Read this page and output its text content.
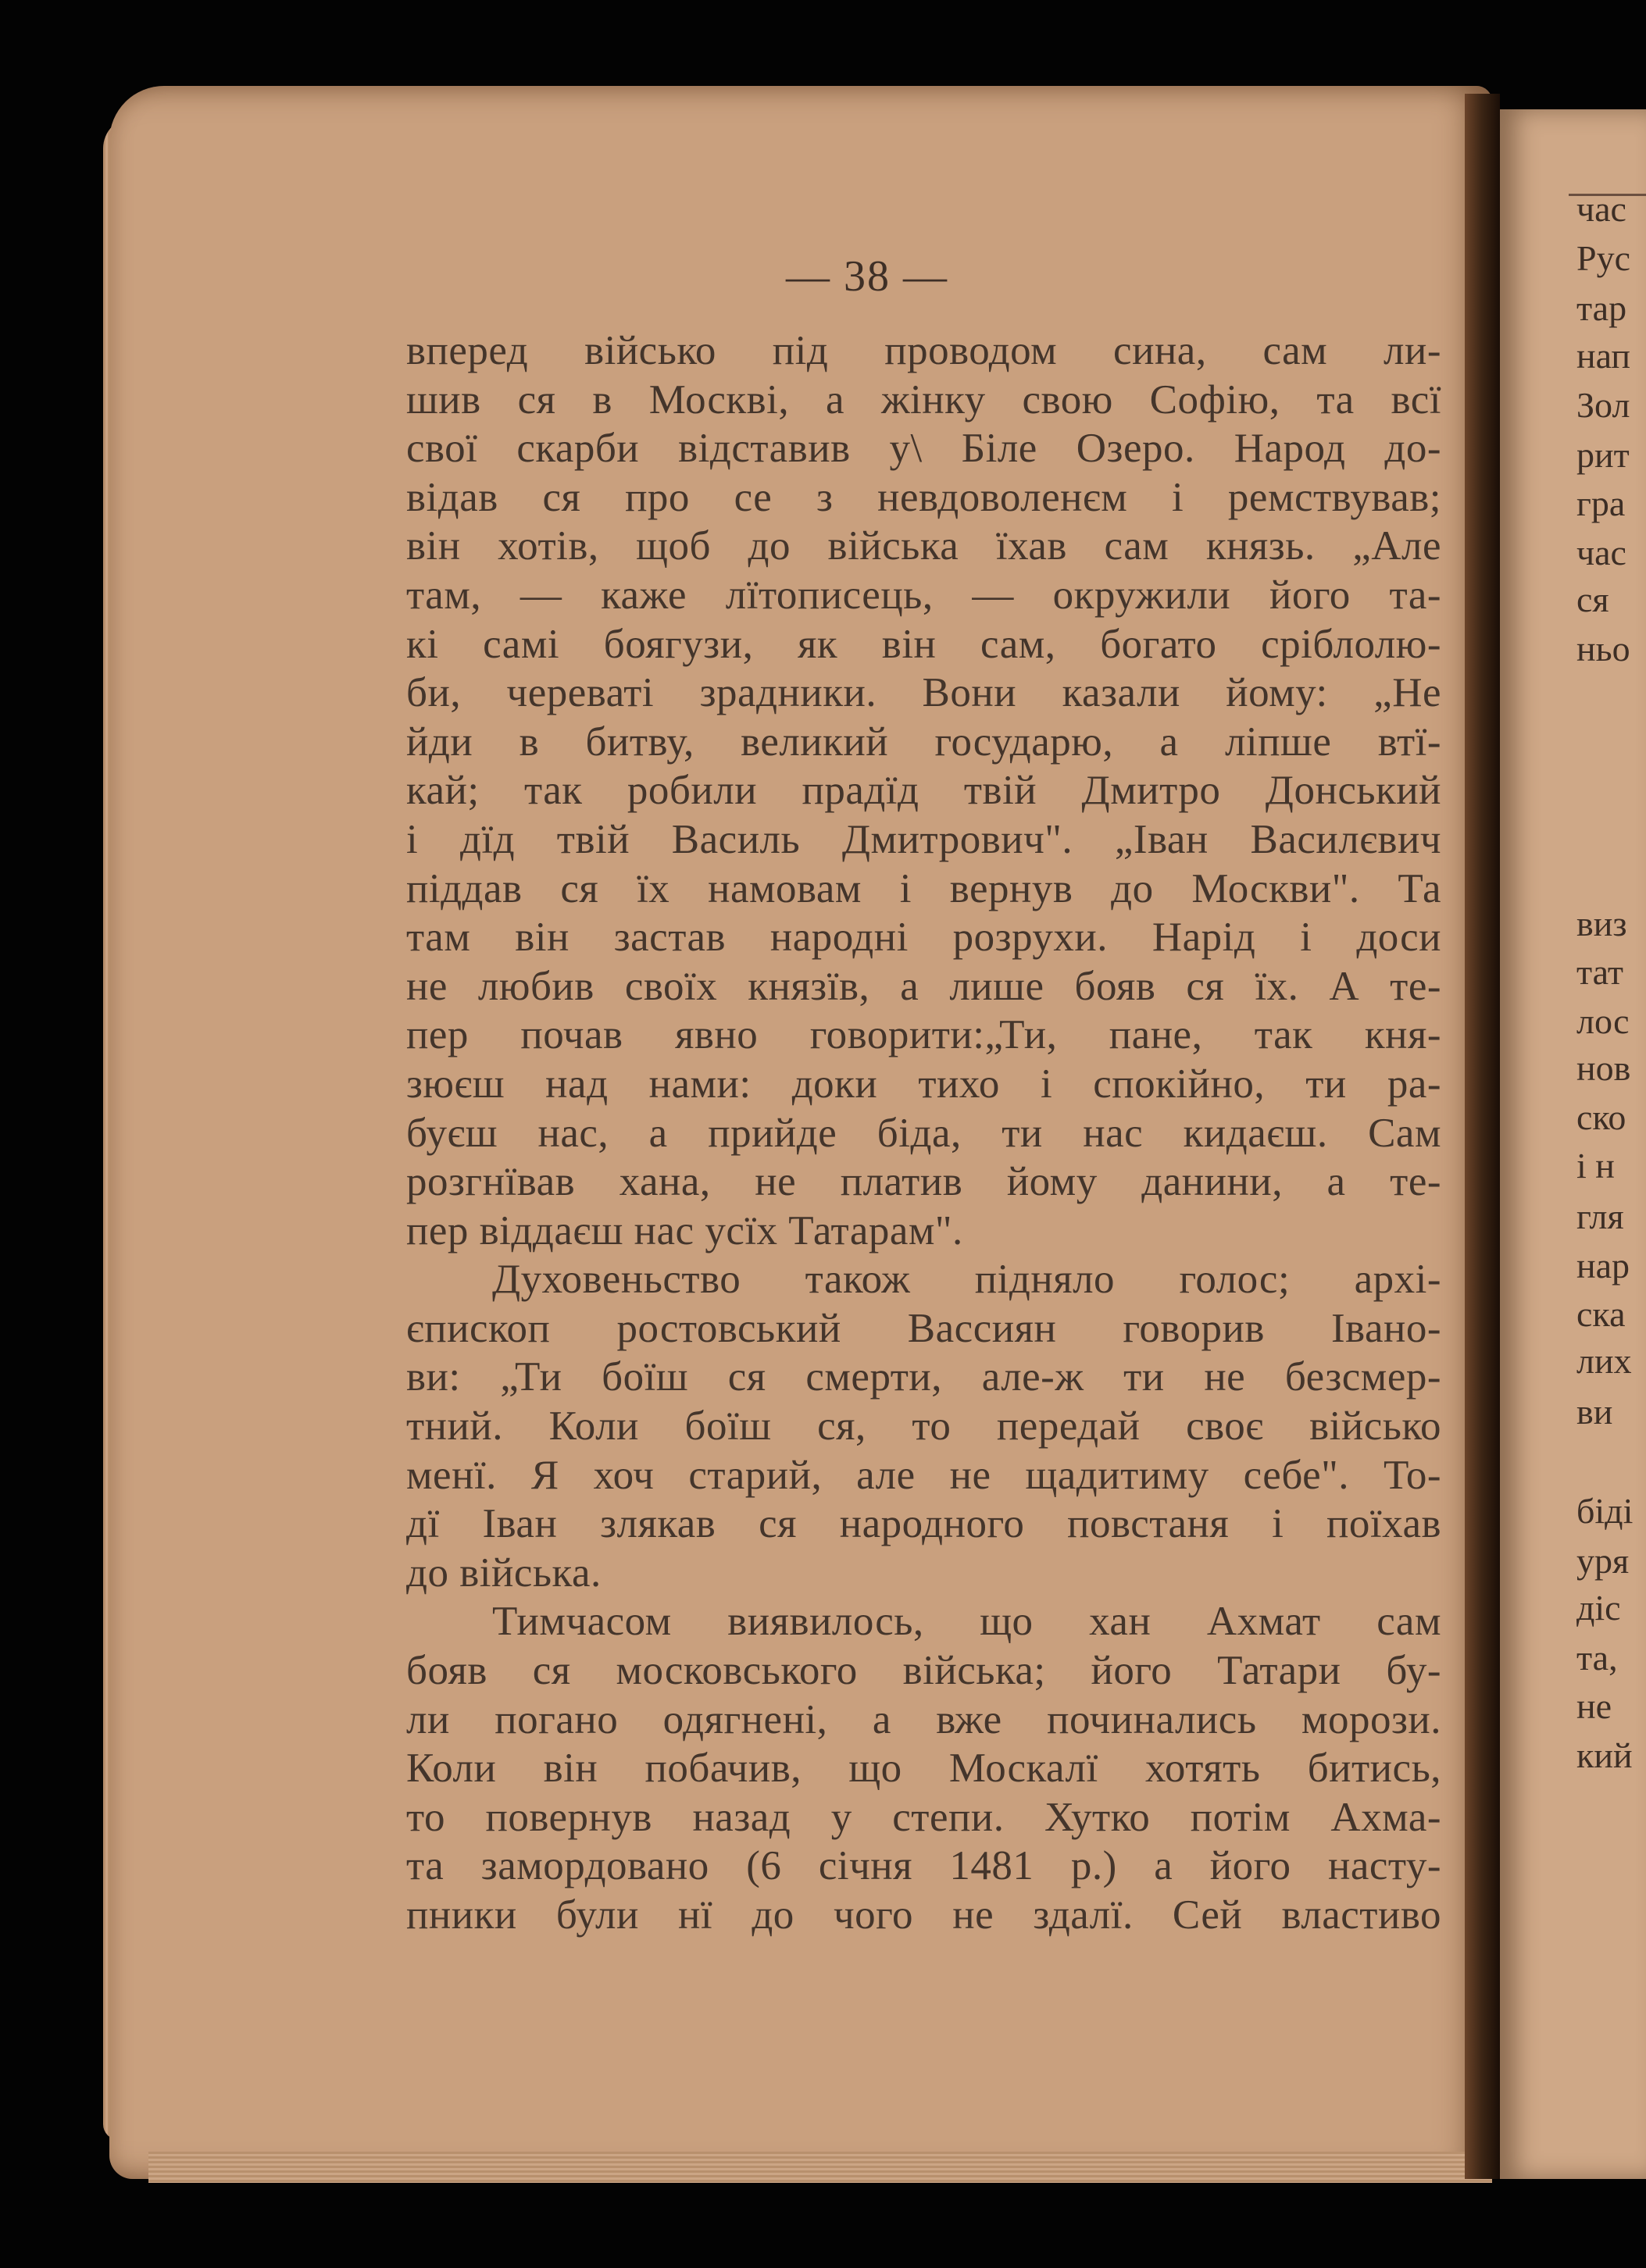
час
Рус
тар
нап
Зол
рит
гра
час
ся
ньо
виз
тат
лос
нов
ско
і н
гля
нар
ска
лих
ви
біді
уря
діс
та,
не
кий
— 38 —
вперед військо під проводом сина, сам ли-
шив ся в Москві, а жінку свою Софію, та всї
свої скарби відставив у\ Біле Озеро. Народ до-
відав ся про се з невдоволенєм і ремствував;
він хотів, щоб до війська їхав сам князь. „Але
там, — каже лїтописець, — окружили його та-
кі самі боягузи, як він сам, богато сріблолю-
би, череваті зрадники. Вони казали йому: „Не
йди в битву, великий государю, а ліпше втї-
кай; так робили прадїд твій Дмитро Донський
і дїд твій Василь Дмитрович". „Іван Василєвич
піддав ся їх намовам і вернув до Москви". Та
там він застав народні розрухи. Нарід і доси
не любив своїх князїв, а лише бояв ся їх. А те-
пер почав явно говорити:„Ти, пане, так кня-
зюєш над нами: доки тихо і спокійно, ти ра-
буєш нас, а прийде біда, ти нас кидаєш. Сам
розгнївав хана, не платив йому данини, а те-
пер віддаєш нас усїх Татарам".
Духовеньство також підняло голос; архі-
єпископ ростовський Вассиян говорив Івано-
ви: „Ти боїш ся смерти, але-ж ти не безсмер-
тний. Коли боїш ся, то передай своє військо
менї. Я хоч старий, але не щадитиму себе". То-
дї Іван злякав ся народного повстаня і поїхав
до війська.
Тимчасом виявилось, що хан Ахмат сам
бояв ся московського війська; його Татари бу-
ли погано одягнені, а вже починались морози.
Коли він побачив, що Москалї хотять битись,
то повернув назад у степи. Хутко потім Ахма-
та замордовано (6 січня 1481 р.) а його насту-
пники були нї до чого не здалї. Сей властиво
